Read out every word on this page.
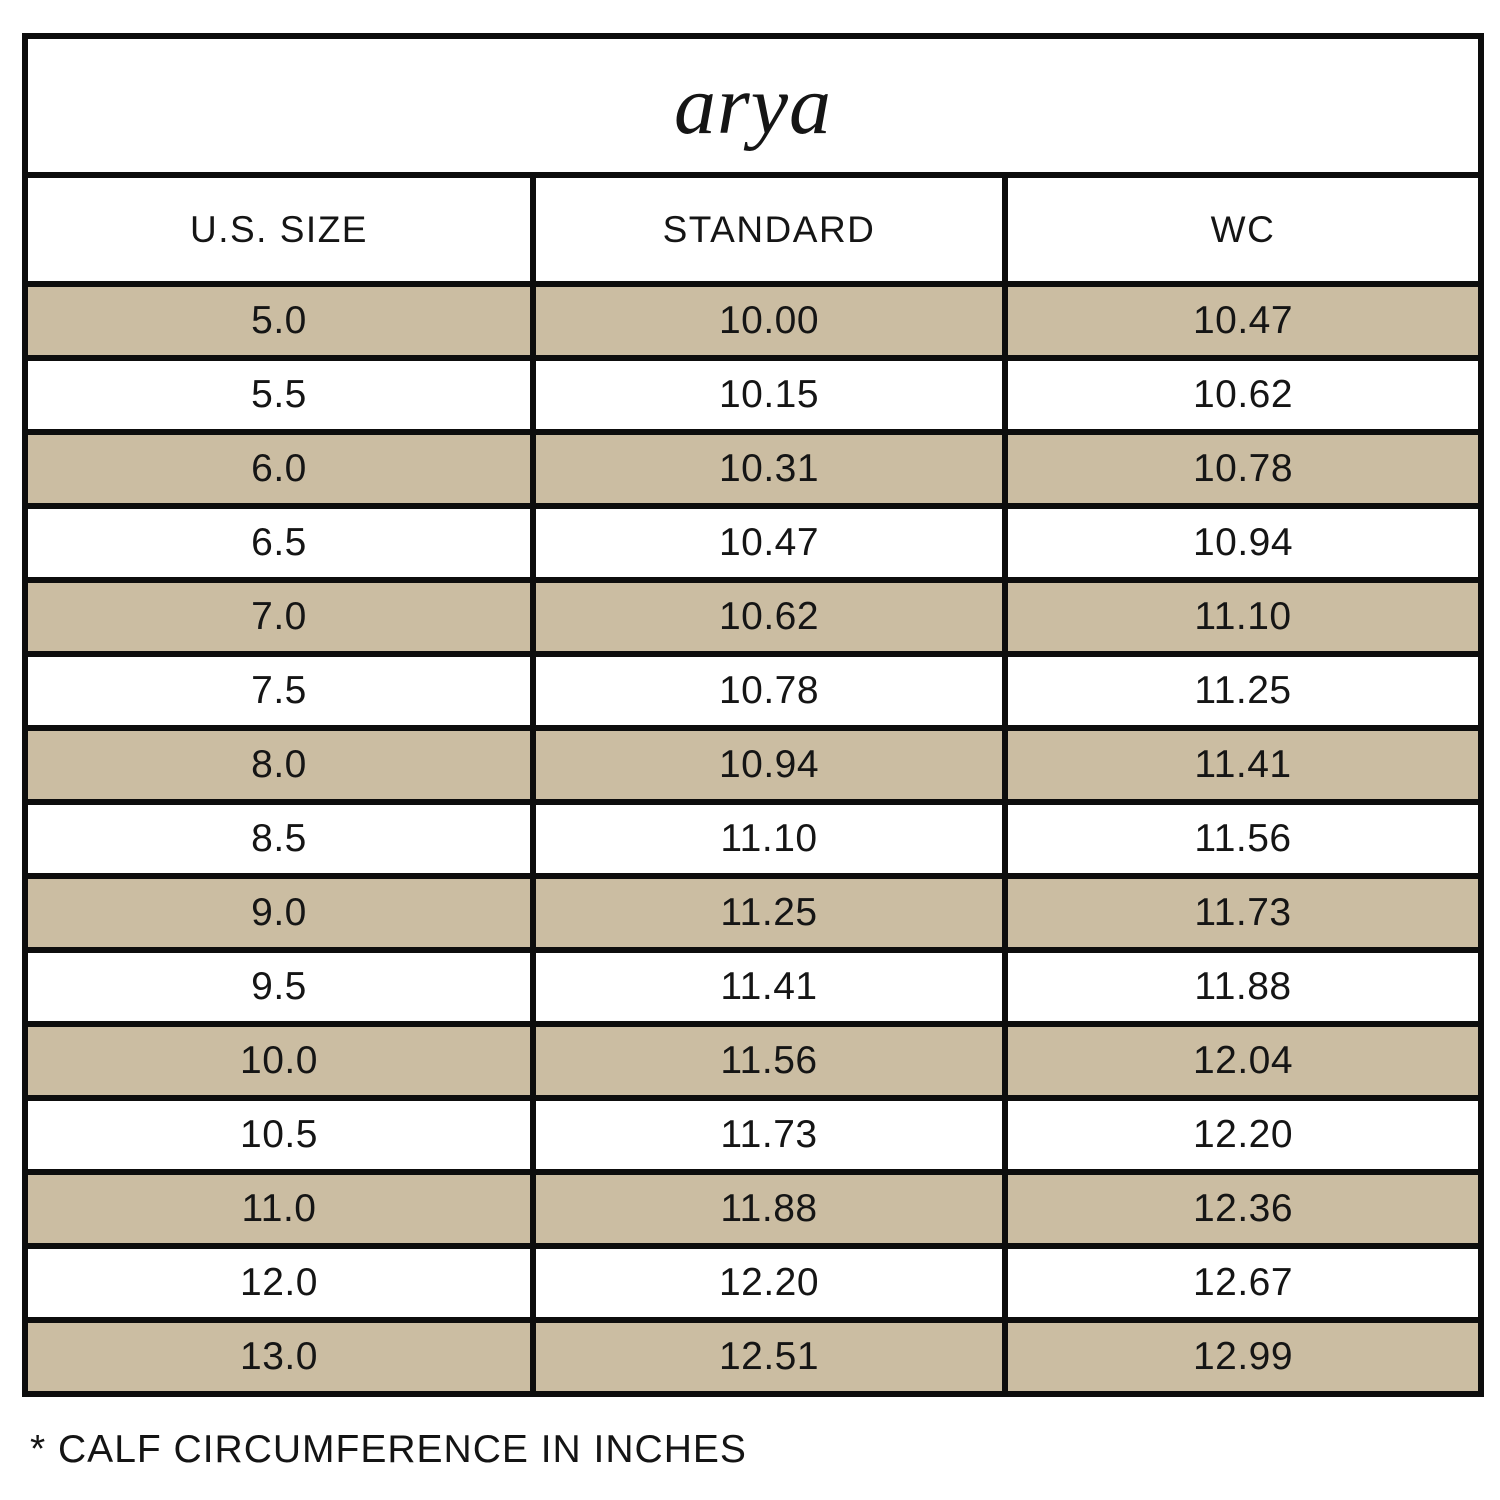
arya		
U.S. SIZE	STANDARD	WC
5.0	10.00	10.47
5.5	10.15	10.62
6.0	10.31	10.78
6.5	10.47	10.94
7.0	10.62	11.10
7.5	10.78	11.25
8.0	10.94	11.41
8.5	11.10	11.56
9.0	11.25	11.73
9.5	11.41	11.88
10.0	11.56	12.04
10.5	11.73	12.20
11.0	11.88	12.36
12.0	12.20	12.67
13.0	12.51	12.99
* CALF CIRCUMFERENCE IN INCHES
